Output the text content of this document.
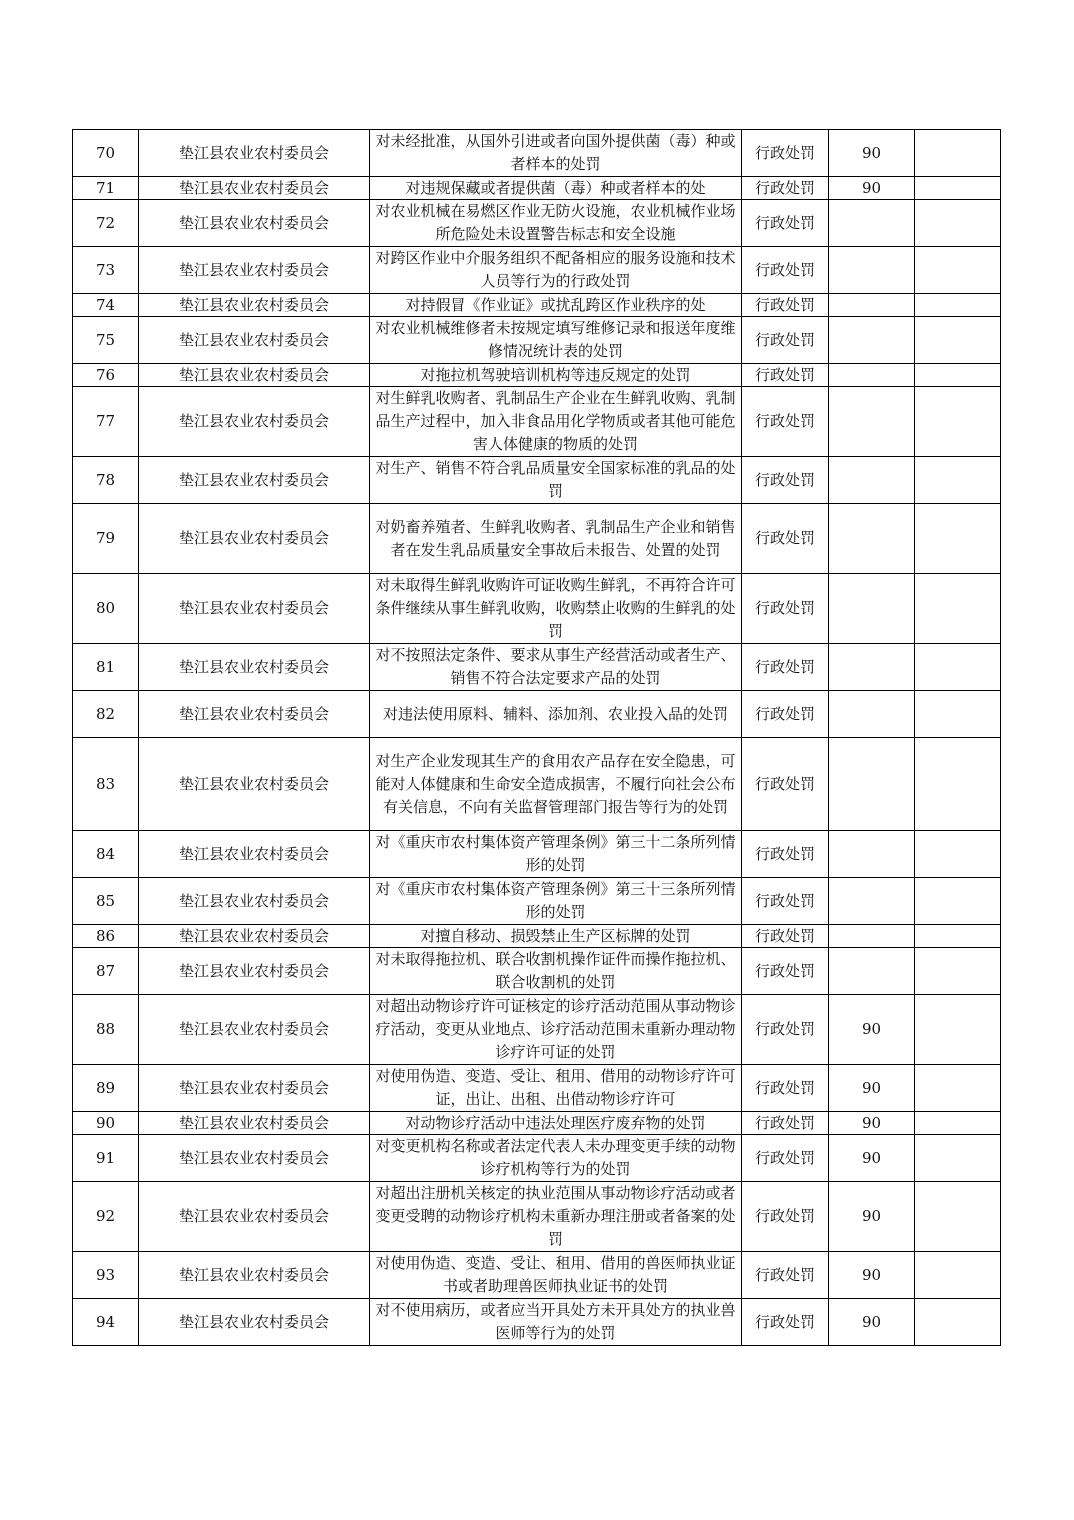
70	垫江县农业农村委员会	对未经批准，从国外引进或者向国外提供菌（毒）种或者样本的处罚	行政处罚	90	

71	垫江县农业农村委员会	对违规保藏或者提供菌（毒）种或者样本的处	行政处罚	90	

72	垫江县农业农村委员会	对农业机械在易燃区作业无防火设施，农业机械作业场所危险处未设置警告标志和安全设施	行政处罚		

73	垫江县农业农村委员会	对跨区作业中介服务组织不配备相应的服务设施和技术人员等行为的行政处罚	行政处罚		

74	垫江县农业农村委员会	对持假冒《作业证》或扰乱跨区作业秩序的处	行政处罚		

75	垫江县农业农村委员会	对农业机械维修者未按规定填写维修记录和报送年度维修情况统计表的处罚	行政处罚		

76	垫江县农业农村委员会	对拖拉机驾驶培训机构等违反规定的处罚	行政处罚		

77	垫江县农业农村委员会	对生鲜乳收购者、乳制品生产企业在生鲜乳收购、乳制品生产过程中，加入非食品用化学物质或者其他可能危害人体健康的物质的处罚	行政处罚		

78	垫江县农业农村委员会	对生产、销售不符合乳品质量安全国家标准的乳品的处罚	行政处罚		

79	垫江县农业农村委员会	对奶畜养殖者、生鲜乳收购者、乳制品生产企业和销售者在发生乳品质量安全事故后未报告、处置的处罚	行政处罚		

80	垫江县农业农村委员会	对未取得生鲜乳收购许可证收购生鲜乳，不再符合许可条件继续从事生鲜乳收购，收购禁止收购的生鲜乳的处罚	行政处罚		

81	垫江县农业农村委员会	对不按照法定条件、要求从事生产经营活动或者生产、销售不符合法定要求产品的处罚	行政处罚		

82	垫江县农业农村委员会	对违法使用原料、辅料、添加剂、农业投入品的处罚	行政处罚		

83	垫江县农业农村委员会	对生产企业发现其生产的食用农产品存在安全隐患，可能对人体健康和生命安全造成损害，不履行向社会公布有关信息，不向有关监督管理部门报告等行为的处罚	行政处罚		

84	垫江县农业农村委员会	对《重庆市农村集体资产管理条例》第三十二条所列情形的处罚	行政处罚		

85	垫江县农业农村委员会	对《重庆市农村集体资产管理条例》第三十三条所列情形的处罚	行政处罚		

86	垫江县农业农村委员会	对擅自移动、损毁禁止生产区标牌的处罚	行政处罚		

87	垫江县农业农村委员会	对未取得拖拉机、联合收割机操作证件而操作拖拉机、联合收割机的处罚	行政处罚		

88	垫江县农业农村委员会	对超出动物诊疗许可证核定的诊疗活动范围从事动物诊疗活动，变更从业地点、诊疗活动范围未重新办理动物诊疗许可证的处罚	行政处罚	90	

89	垫江县农业农村委员会	对使用伪造、变造、受让、租用、借用的动物诊疗许可证，出让、出租、出借动物诊疗许可	行政处罚	90	

90	垫江县农业农村委员会	对动物诊疗活动中违法处理医疗废弃物的处罚	行政处罚	90	

91	垫江县农业农村委员会	对变更机构名称或者法定代表人未办理变更手续的动物诊疗机构等行为的处罚	行政处罚	90	

92	垫江县农业农村委员会	对超出注册机关核定的执业范围从事动物诊疗活动或者变更受聘的动物诊疗机构未重新办理注册或者备案的处罚	行政处罚	90	

93	垫江县农业农村委员会	对使用伪造、变造、受让、租用、借用的兽医师执业证书或者助理兽医师执业证书的处罚	行政处罚	90	

94	垫江县农业农村委员会	对不使用病历，或者应当开具处方未开具处方的执业兽医师等行为的处罚	行政处罚	90	
